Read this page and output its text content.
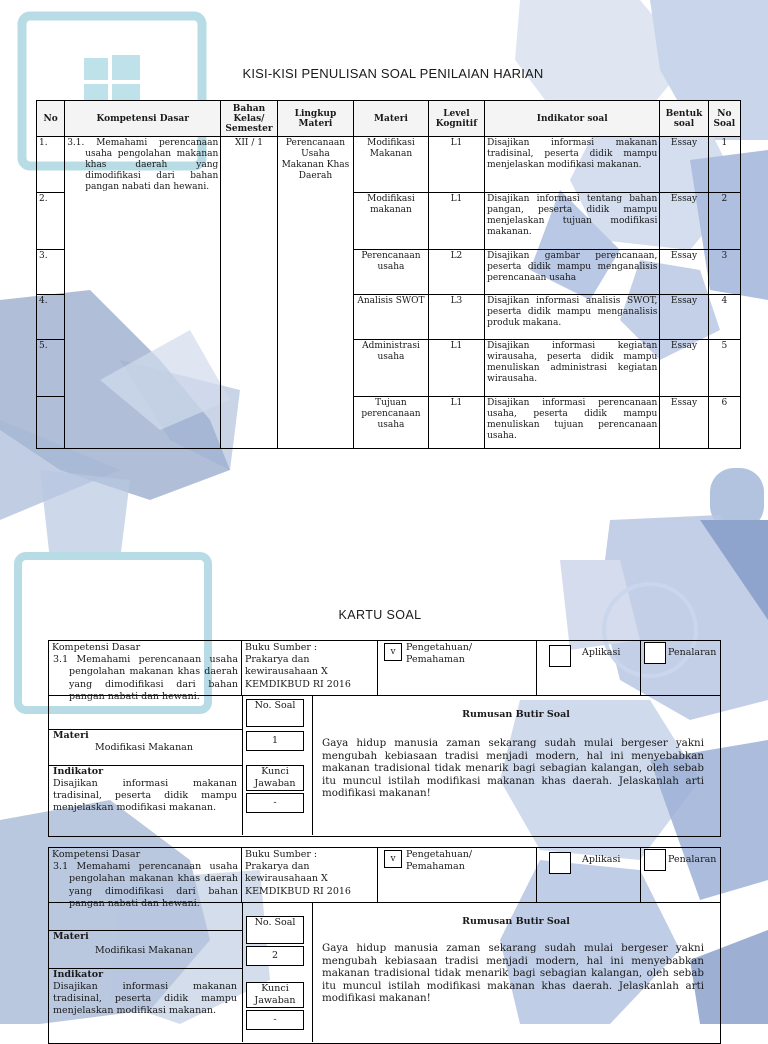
KISI-KISI PENULISAN SOAL PENILAIAN HARIAN
No	Kompetensi Dasar	Bahan Kelas/ Semester	Lingkup Materi	Materi	Level Kognitif	Indikator soal	Bentuk soal	No Soal
1.	3.1. Memahami perencanaan usaha pengolahan makanan khas daerah yang dimodifikasi dari bahan pangan nabati dan hewani.	XII / 1	Perencanaan Usaha Makanan Khas Daerah	Modifikasi Makanan	L1	Disajikan informasi makanan tradisinal, peserta didik mampu menjelaskan modifikasi makanan.	Essay	1
2.				Modifikasi makanan	L1	Disajikan informasi tentang bahan pangan, peserta didik mampu menjelaskan tujuan modifikasi makanan.	Essay	2
3.				Perencanaan usaha	L2	Disajikan gambar perencanaan, peserta didik mampu menganalisis perencanaan usaha	Essay	3
4.				Analisis SWOT	L3	Disajikan informasi analisis SWOT, peserta didik mampu menganalisis produk makana.	Essay	4
5.				Administrasi usaha	L1	Disajikan informasi kegiatan wirausaha, peserta didik mampu menuliskan administrasi kegiatan wirausaha.	Essay	5
				Tujuan perencanaan usaha	L1	Disajikan informasi perencanaan usaha, peserta didik mampu menuliskan tujuan perencanaan usaha.	Essay	6
KARTU SOAL
Kompetensi Dasar
3.1 Memahami perencanaan usaha pengolahan makanan khas daerah yang dimodifikasi dari bahan pangan nabati dan hewani.
Buku Sumber :
Prakarya dan kewirausahaan X KEMDIKBUD RI 2016
v	Pengetahuan/ Pemahaman
Aplikasi	Penalaran
Materi
Modifikasi Makanan
Indikator
Disajikan informasi makanan tradisinal, peserta didik mampu menjelaskan modifikasi makanan.
No. Soal
1
Kunci Jawaban
-
Rumusan Butir Soal
Gaya hidup manusia zaman sekarang sudah mulai bergeser yakni mengubah kebiasaan tradisi menjadi modern, hal ini menyebabkan makanan tradisional tidak menarik bagi sebagian kalangan, oleh sebab itu muncul istilah modifikasi makanan khas daerah. Jelaskanlah arti modifikasi makanan!
Kompetensi Dasar
3.1 Memahami perencanaan usaha pengolahan makanan khas daerah yang dimodifikasi dari bahan pangan nabati dan hewani.
Buku Sumber :
Prakarya dan kewirausahaan X KEMDIKBUD RI 2016
v	Pengetahuan/ Pemahaman
Aplikasi	Penalaran
Materi
Modifikasi Makanan
Indikator
Disajikan informasi makanan tradisinal, peserta didik mampu menjelaskan modifikasi makanan.
No. Soal
2
Kunci Jawaban
-
Rumusan Butir Soal
Gaya hidup manusia zaman sekarang sudah mulai bergeser yakni mengubah kebiasaan tradisi menjadi modern, hal ini menyebabkan makanan tradisional tidak menarik bagi sebagian kalangan, oleh sebab itu muncul istilah modifikasi makanan khas daerah. Jelaskanlah arti modifikasi makanan!
